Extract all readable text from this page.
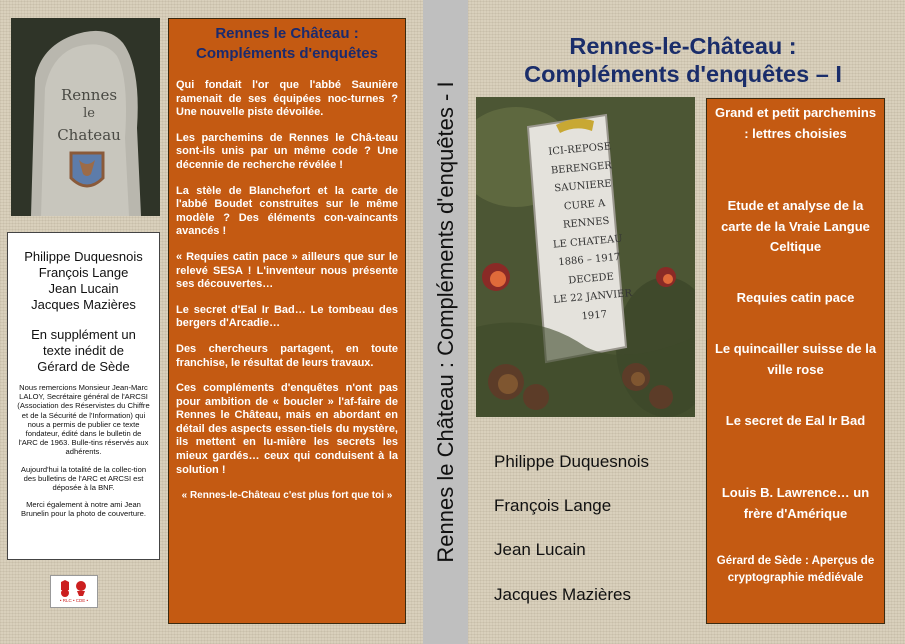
Rennes
le
Chateau
Philippe Duquesnois
François Lange
Jean Lucain
Jacques Mazières
En supplément un
texte inédit de
Gérard de Sède
Nous remercions Monsieur Jean-Marc LALOY, Secrétaire général de l'ARCSI (Association des Réservistes du Chiffre et de la Sécurité de l'Information) qui nous a permis de publier ce texte fondateur, édité dans le bulletin de l'ARC de 1963. Bulle-tins réservés aux adhérents.
Aujourd'hui la totalité de la collec-tion des bulletins de l'ARC et ARCSI est déposée à la BNF.
Merci également à notre ami Jean Brunelin pour la photo de couverture.
• RLC • CDE •
Rennes le Château : Compléments d'enquêtes

Qui fondait l'or que l'abbé Saunière ramenait de ses équipées noc-turnes ? Une nouvelle piste dévoilée.

Les parchemins de Rennes le Châ-teau sont-ils unis par un même code ? Une décennie de recherche révélée !

La stèle de Blanchefort et la carte de l'abbé Boudet construites sur le même modèle ? Des éléments con-vaincants avancés !

« Requies catin pace » ailleurs que sur le relevé SESA ! L'inventeur nous présente ses découvertes…

Le secret d'Eal Ir Bad… Le tombeau des bergers d'Arcadie…

Des chercheurs partagent, en toute franchise, le résultat de leurs travaux.

Ces compléments d'enquêtes n'ont pas pour ambition de « boucler » l'af-faire de Rennes le Château, mais en abordant en détail des aspects essen-tiels du mystère, ils mettent en lu-mière les secrets les mieux gardés… ceux qui conduisent à la solution !

« Rennes-le-Château c'est plus fort que toi » Rennes le Château : Compléments d'enquêtes - I
Rennes-le-Château :
Compléments d'enquêtes – I
ICI-REPOSE
BERENGER
SAUNIERE
CURE A RENNES
LE CHATEAU
1886 – 1917
DECEDE
LE 22 JANVIER
1917
Philippe Duquesnois
François Lange
Jean Lucain
Jacques Mazières
Grand et petit parchemins : lettres choisies
Etude et analyse de la carte de la Vraie Langue Celtique
Requies catin pace
Le quincailler suisse de la ville rose
Le secret de Eal Ir Bad
Louis B. Lawrence… un frère d'Amérique
Gérard de Sède : Aperçus de cryptographie médiévale
